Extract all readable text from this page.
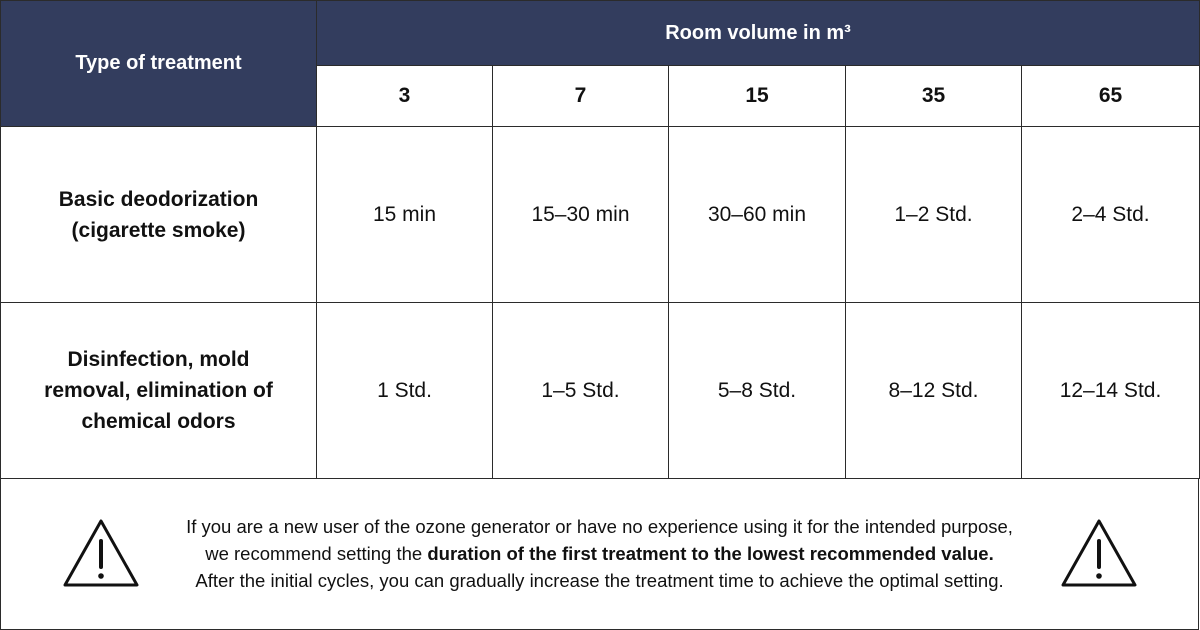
Type of treatment	Room volume in m³				
	3	7	15	35	65

Basic deodorization
(cigarette smoke)	15 min	15–30 min	30–60 min	1–2 Std.	2–4 Std.

Disinfection, mold
removal, elimination of
chemical odors	1 Std.	1–5 Std.	5–8 Std.	8–12 Std.	12–14 Std.
If you are a new user of the ozone generator or have no experience using it for the intended purpose,
we recommend setting the duration of the first treatment to the lowest recommended value.
After the initial cycles, you can gradually increase the treatment time to achieve the optimal setting.
